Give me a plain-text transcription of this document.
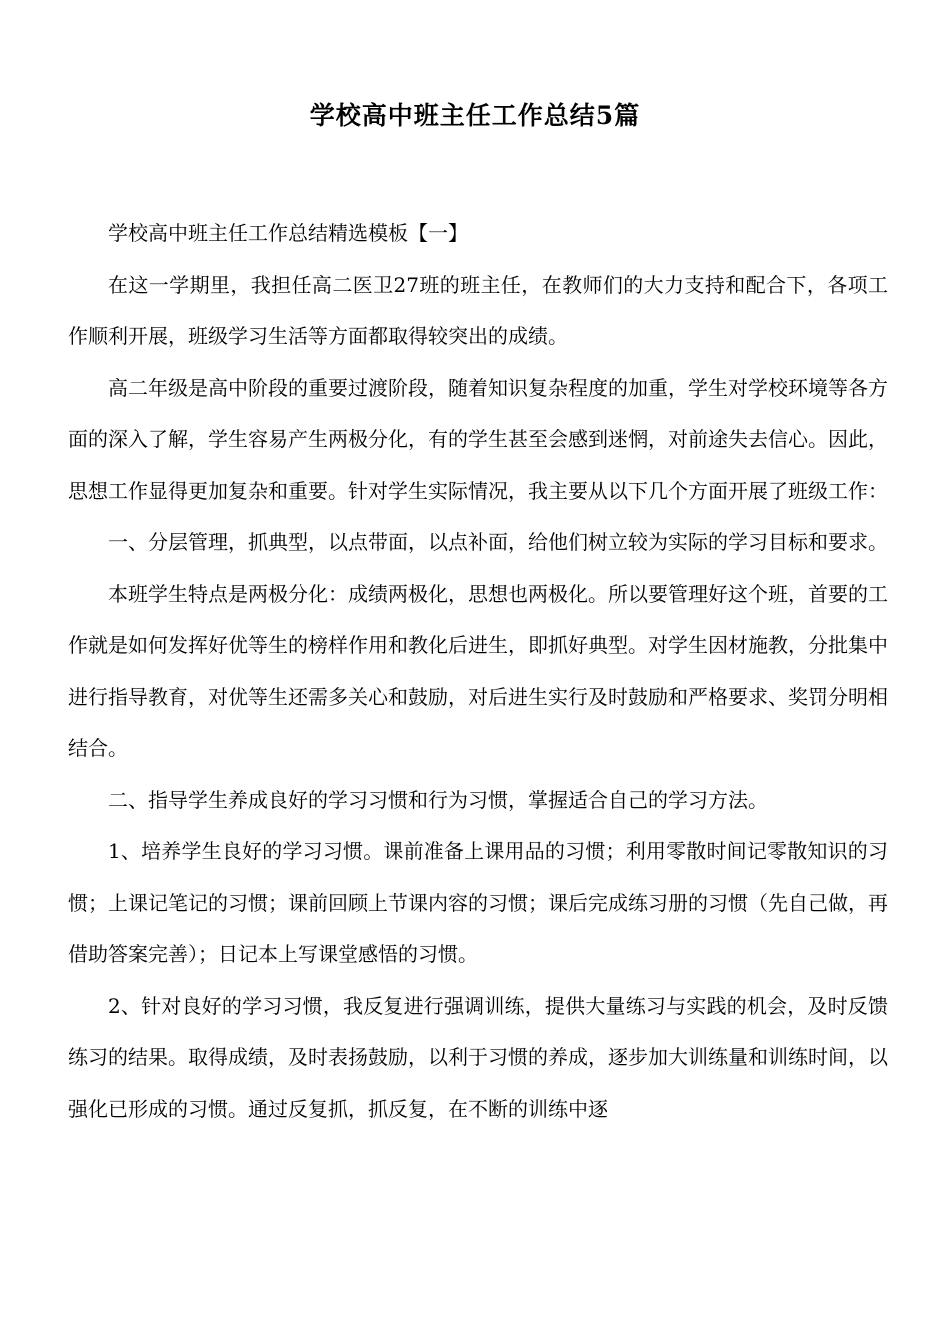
学校高中班主任工作总结5篇

学校高中班主任工作总结精选模板【一】

在这一学期里，我担任高二医卫27班的班主任，在教师们的大力支持和配合下，各项工作顺利开展，班级学习生活等方面都取得较突出的成绩。

高二年级是高中阶段的重要过渡阶段，随着知识复杂程度的加重，学生对学校环境等各方面的深入了解，学生容易产生两极分化，有的学生甚至会感到迷惘，对前途失去信心。因此，思想工作显得更加复杂和重要。针对学生实际情况，我主要从以下几个方面开展了班级工作：

一、分层管理，抓典型，以点带面，以点补面，给他们树立较为实际的学习目标和要求。

本班学生特点是两极分化：成绩两极化，思想也两极化。所以要管理好这个班，首要的工作就是如何发挥好优等生的榜样作用和教化后进生，即抓好典型。对学生因材施教，分批集中进行指导教育，对优等生还需多关心和鼓励，对后进生实行及时鼓励和严格要求、奖罚分明相结合。

二、指导学生养成良好的学习习惯和行为习惯，掌握适合自己的学习方法。

1、培养学生良好的学习习惯。课前准备上课用品的习惯；利用零散时间记零散知识的习惯；上课记笔记的习惯；课前回顾上节课内容的习惯；课后完成练习册的习惯（先自己做，再借助答案完善）；日记本上写课堂感悟的习惯。

2、针对良好的学习习惯，我反复进行强调训练，提供大量练习与实践的机会，及时反馈练习的结果。取得成绩，及时表扬鼓励，以利于习惯的养成，逐步加大训练量和训练时间，以强化已形成的习惯。通过反复抓，抓反复，在不断的训练中逐
